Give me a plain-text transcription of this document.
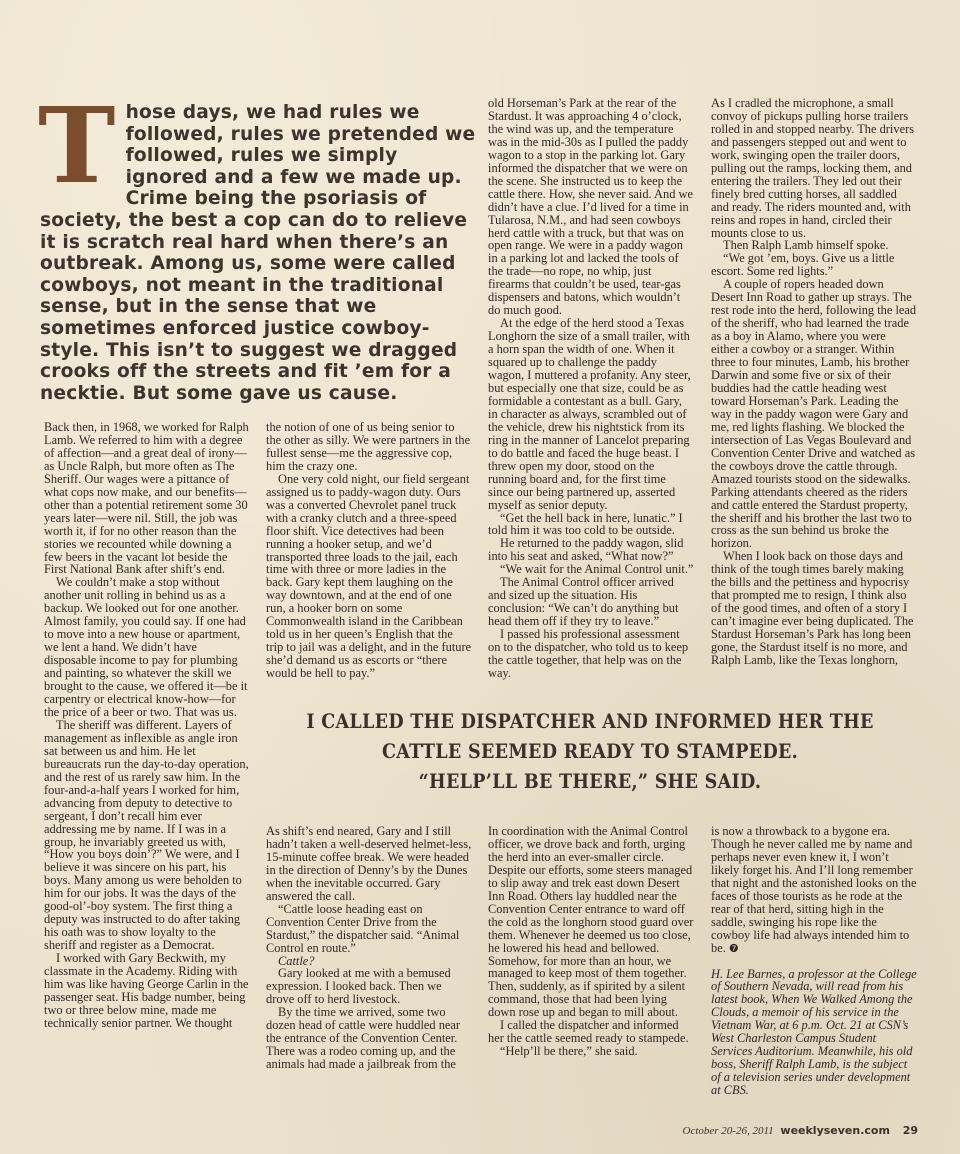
T hose days, we had rules we followed, rules we pretended we followed, rules we simply ignored and a few we made up. Crime being the psoriasis of society, the best a cop can do to relieve it is scratch real hard when there’s an outbreak. Among us, some were called cowboys, not meant in the traditional sense, but in the sense that we sometimes enforced justice cowboy-style. This isn’t to suggest we dragged crooks off the streets and fit ’em for a necktie. But some gave us cause.

Back then, in 1968, we worked for Ralph Lamb. We referred to him with a degree of affection—and a great deal of irony—as Uncle Ralph, but more often as The Sheriff. Our wages were a pittance of what cops now make, and our benefits—other than a potential retirement some 30 years later—were nil. Still, the job was worth it, if for no other reason than the stories we recounted while downing a few beers in the vacant lot beside the First National Bank after shift’s end.

We couldn’t make a stop without another unit rolling in behind us as a backup. We looked out for one another. Almost family, you could say. If one had to move into a new house or apartment, we lent a hand. We didn’t have disposable income to pay for plumbing and painting, so whatever the skill we brought to the cause, we offered it—be it carpentry or electrical know-how—for the price of a beer or two. That was us.

The sheriff was different. Layers of management as inflexible as angle iron sat between us and him. He let bureaucrats run the day-to-day operation, and the rest of us rarely saw him. In the four-and-a-half years I worked for him, advancing from deputy to detective to sergeant, I don’t recall him ever addressing me by name. If I was in a group, he invariably greeted us with, “How you boys doin’?” We were, and I believe it was sincere on his part, his boys. Many among us were beholden to him for our jobs. It was the days of the good-ol’-boy system. The first thing a deputy was instructed to do after taking his oath was to show loyalty to the sheriff and register as a Democrat.

I worked with Gary Beckwith, my classmate in the Academy. Riding with him was like having George Carlin in the passenger seat. His badge number, being two or three below mine, made me technically senior partner. We thought

the notion of one of us being senior to the other as silly. We were partners in the fullest sense—me the aggressive cop, him the crazy one.

One very cold night, our field sergeant assigned us to paddy-wagon duty. Ours was a converted Chevrolet panel truck with a cranky clutch and a three-speed floor shift. Vice detectives had been running a hooker setup, and we’d transported three loads to the jail, each time with three or more ladies in the back. Gary kept them laughing on the way downtown, and at the end of one run, a hooker born on some Commonwealth island in the Caribbean told us in her queen’s English that the trip to jail was a delight, and in the future she’d demand us as escorts or “there would be hell to pay.”

old Horseman’s Park at the rear of the Stardust. It was approaching 4 o’clock, the wind was up, and the temperature was in the mid-30s as I pulled the paddy wagon to a stop in the parking lot. Gary informed the dispatcher that we were on the scene. She instructed us to keep the cattle there. How, she never said. And we didn’t have a clue. I’d lived for a time in Tularosa, N.M., and had seen cowboys herd cattle with a truck, but that was on open range. We were in a paddy wagon in a parking lot and lacked the tools of the trade—no rope, no whip, just firearms that couldn’t be used, tear-gas dispensers and batons, which wouldn’t do much good.

At the edge of the herd stood a Texas Longhorn the size of a small trailer, with a horn span the width of one. When it squared up to challenge the paddy wagon, I muttered a profanity. Any steer, but especially one that size, could be as formidable a contestant as a bull. Gary, in character as always, scrambled out of the vehicle, drew his nightstick from its ring in the manner of Lancelot preparing to do battle and faced the huge beast. I threw open my door, stood on the running board and, for the first time since our being partnered up, asserted myself as senior deputy.

“Get the hell back in here, lunatic.” I told him it was too cold to be outside.

He returned to the paddy wagon, slid into his seat and asked, “What now?”

“We wait for the Animal Control unit.”

The Animal Control officer arrived and sized up the situation. His conclusion: “We can’t do anything but head them off if they try to leave.”

I passed his professional assessment on to the dispatcher, who told us to keep the cattle together, that help was on the way.

As I cradled the microphone, a small convoy of pickups pulling horse trailers rolled in and stopped nearby. The drivers and passengers stepped out and went to work, swinging open the trailer doors, pulling out the ramps, locking them, and entering the trailers. They led out their finely bred cutting horses, all saddled and ready. The riders mounted and, with reins and ropes in hand, circled their mounts close to us.

Then Ralph Lamb himself spoke.

“We got ’em, boys. Give us a little escort. Some red lights.”

A couple of ropers headed down Desert Inn Road to gather up strays. The rest rode into the herd, following the lead of the sheriff, who had learned the trade as a boy in Alamo, where you were either a cowboy or a stranger. Within three to four minutes, Lamb, his brother Darwin and some five or six of their buddies had the cattle heading west toward Horseman’s Park. Leading the way in the paddy wagon were Gary and me, red lights flashing. We blocked the intersection of Las Vegas Boulevard and Convention Center Drive and watched as the cowboys drove the cattle through. Amazed tourists stood on the sidewalks. Parking attendants cheered as the riders and cattle entered the Stardust property, the sheriff and his brother the last two to cross as the sun behind us broke the horizon.

When I look back on those days and think of the tough times barely making the bills and the pettiness and hypocrisy that prompted me to resign, I think also of the good times, and often of a story I can’t imagine ever being duplicated. The Stardust Horseman’s Park has long been gone, the Stardust itself is no more, and Ralph Lamb, like the Texas longhorn,

I CALLED THE DISPATCHER AND INFORMED HER THE
CATTLE SEEMED READY TO STAMPEDE.
“HELP’LL BE THERE,” SHE SAID.

As shift’s end neared, Gary and I still hadn’t taken a well-deserved helmet-less, 15-minute coffee break. We were headed in the direction of Denny’s by the Dunes when the inevitable occurred. Gary answered the call.

“Cattle loose heading east on Convention Center Drive from the Stardust,” the dispatcher said. “Animal Control en route.”

Cattle?

Gary looked at me with a bemused expression. I looked back. Then we drove off to herd livestock.

By the time we arrived, some two dozen head of cattle were huddled near the entrance of the Convention Center. There was a rodeo coming up, and the animals had made a jailbreak from the

In coordination with the Animal Control officer, we drove back and forth, urging the herd into an ever-smaller circle. Despite our efforts, some steers managed to slip away and trek east down Desert Inn Road. Others lay huddled near the Convention Center entrance to ward off the cold as the longhorn stood guard over them. Whenever he deemed us too close, he lowered his head and bellowed. Somehow, for more than an hour, we managed to keep most of them together. Then, suddenly, as if spirited by a silent command, those that had been lying down rose up and began to mill about.

I called the dispatcher and informed her the cattle seemed ready to stampede.

“Help’ll be there,” she said.

is now a throwback to a bygone era. Though he never called me by name and perhaps never even knew it, I won’t likely forget his. And I’ll long remember that night and the astonished looks on the faces of those tourists as he rode at the rear of that herd, sitting high in the saddle, swinging his rope like the cowboy life had always intended him to be. ❼

H. Lee Barnes, a professor at the College of Southern Nevada, will read from his latest book, When We Walked Among the Clouds, a memoir of his service in the Vietnam War, at 6 p.m. Oct. 21 at CSN’s West Charleston Campus Student Services Auditorium. Meanwhile, his old boss, Sheriff Ralph Lamb, is the subject of a television series under development at CBS.

October 20-26, 2011 weeklyseven.com 29
